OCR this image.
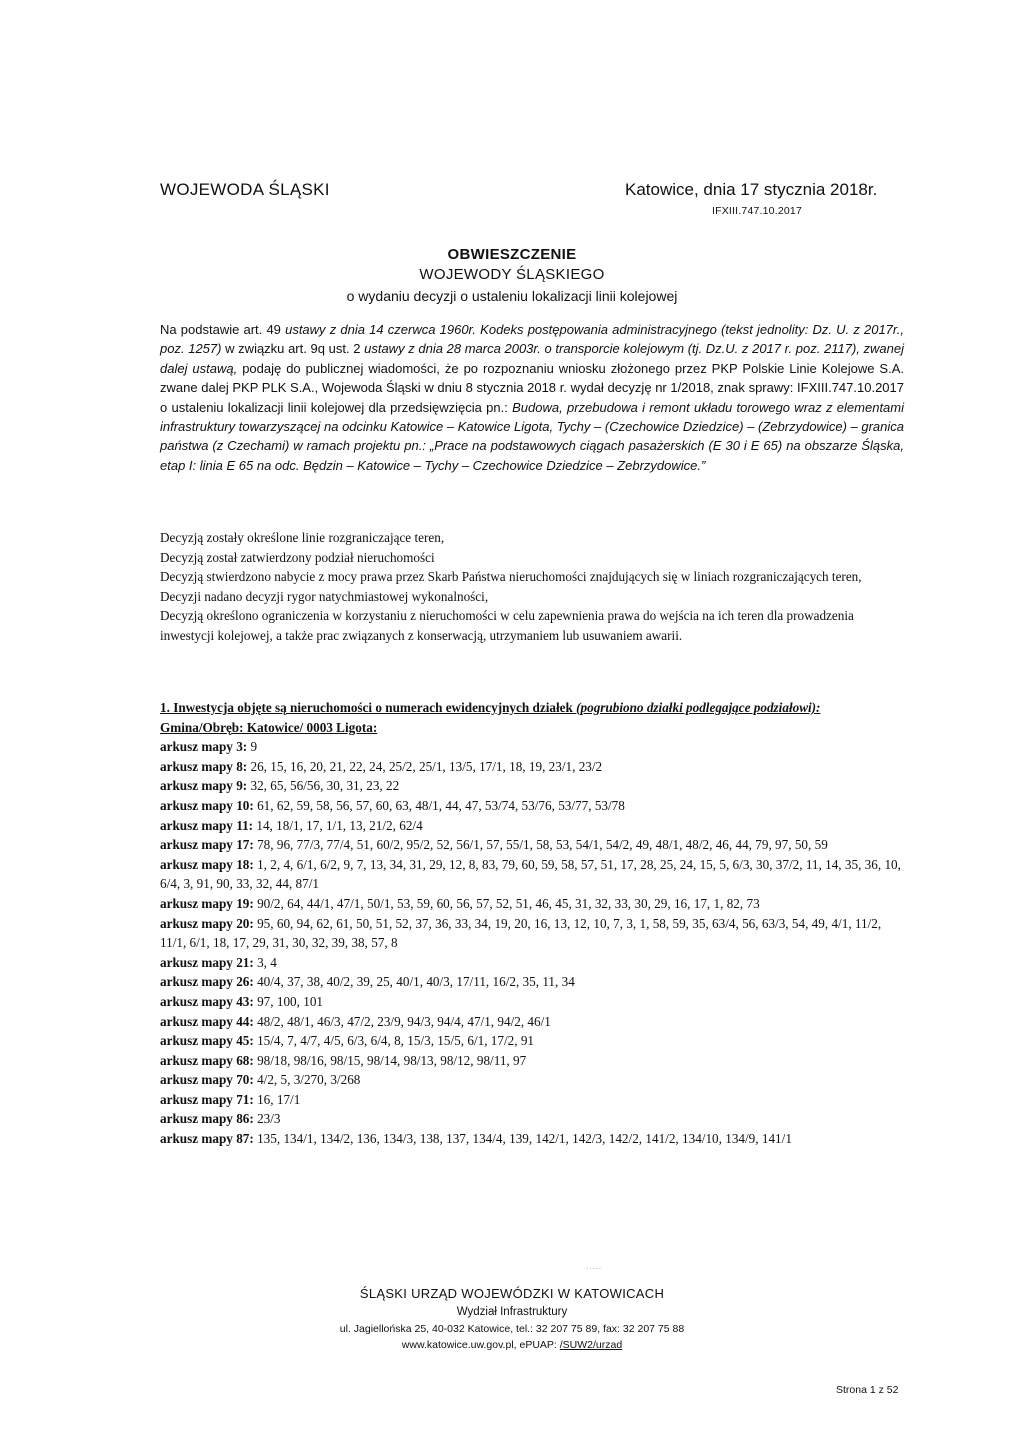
WOJEWODA ŚLĄSKI	Katowice, dnia 17 stycznia 2018r.
IFXIII.747.10.2017
OBWIESZCZENIE
WOJEWODY ŚLĄSKIEGO
o wydaniu decyzji o ustaleniu lokalizacji linii kolejowej
Na podstawie art. 49 ustawy z dnia 14 czerwca 1960r. Kodeks postępowania administracyjnego (tekst jednolity: Dz. U. z 2017r., poz. 1257) w związku art. 9q ust. 2 ustawy z dnia 28 marca 2003r. o transporcie kolejowym (tj. Dz.U. z 2017 r. poz. 2117), zwanej dalej ustawą, podaję do publicznej wiadomości, że po rozpoznaniu wniosku złożonego przez PKP Polskie Linie Kolejowe S.A. zwane dalej PKP PLK S.A., Wojewoda Śląski w dniu 8 stycznia 2018 r. wydał decyzję nr 1/2018, znak sprawy: IFXIII.747.10.2017 o ustaleniu lokalizacji linii kolejowej dla przedsięwzięcia pn.: Budowa, przebudowa i remont układu torowego wraz z elementami infrastruktury towarzyszącej na odcinku Katowice – Katowice Ligota, Tychy – (Czechowice Dziedzice) – (Zebrzydowice) – granica państwa (z Czechami) w ramach projektu pn.: „Prace na podstawowych ciągach pasażerskich (E 30 i E 65) na obszarze Śląska, etap I: linia E 65 na odc. Będzin – Katowice – Tychy – Czechowice Dziedzice – Zebrzydowice.”

Decyzją zostały określone linie rozgraniczające teren,

Decyzją został zatwierdzony podział nieruchomości

Decyzją stwierdzono nabycie z mocy prawa przez Skarb Państwa nieruchomości znajdujących się w liniach rozgraniczających teren,

Decyzji nadano decyzji rygor natychmiastowej wykonalności,

Decyzją określono ograniczenia w korzystaniu z nieruchomości w celu zapewnienia prawa do wejścia na ich teren dla prowadzenia inwestycji kolejowej, a także prac związanych z konserwacją, utrzymaniem lub usuwaniem awarii.

1. Inwestycja objęte są nieruchomości o numerach ewidencyjnych działek (pogrubiono działki podlegające podziałowi):
Gmina/Obręb: Katowice/ 0003 Ligota:

arkusz mapy 3: 9

arkusz mapy 8: 26, 15, 16, 20, 21, 22, 24, 25/2, 25/1, 13/5, 17/1, 18, 19, 23/1, 23/2

arkusz mapy 9: 32, 65, 56/56, 30, 31, 23, 22

arkusz mapy 10: 61, 62, 59, 58, 56, 57, 60, 63, 48/1, 44, 47, 53/74, 53/76, 53/77, 53/78

arkusz mapy 11: 14, 18/1, 17, 1/1, 13, 21/2, 62/4

arkusz mapy 17: 78, 96, 77/3, 77/4, 51, 60/2, 95/2, 52, 56/1, 57, 55/1, 58, 53, 54/1, 54/2, 49, 48/1, 48/2, 46, 44, 79, 97, 50, 59

arkusz mapy 18: 1, 2, 4, 6/1, 6/2, 9, 7, 13, 34, 31, 29, 12, 8, 83, 79, 60, 59, 58, 57, 51, 17, 28, 25, 24, 15, 5, 6/3, 30, 37/2, 11, 14, 35, 36, 10, 6/4, 3, 91, 90, 33, 32, 44, 87/1

arkusz mapy 19: 90/2, 64, 44/1, 47/1, 50/1, 53, 59, 60, 56, 57, 52, 51, 46, 45, 31, 32, 33, 30, 29, 16, 17, 1, 82, 73

arkusz mapy 20: 95, 60, 94, 62, 61, 50, 51, 52, 37, 36, 33, 34, 19, 20, 16, 13, 12, 10, 7, 3, 1, 58, 59, 35, 63/4, 56, 63/3, 54, 49, 4/1, 11/2, 11/1, 6/1, 18, 17, 29, 31, 30, 32, 39, 38, 57, 8

arkusz mapy 21: 3, 4

arkusz mapy 26: 40/4, 37, 38, 40/2, 39, 25, 40/1, 40/3, 17/11, 16/2, 35, 11, 34

arkusz mapy 43: 97, 100, 101

arkusz mapy 44: 48/2, 48/1, 46/3, 47/2, 23/9, 94/3, 94/4, 47/1, 94/2, 46/1

arkusz mapy 45: 15/4, 7, 4/7, 4/5, 6/3, 6/4, 8, 15/3, 15/5, 6/1, 17/2, 91

arkusz mapy 68: 98/18, 98/16, 98/15, 98/14, 98/13, 98/12, 98/11, 97

arkusz mapy 70: 4/2, 5, 3/270, 3/268

arkusz mapy 71: 16, 17/1

arkusz mapy 86: 23/3

arkusz mapy 87: 135, 134/1, 134/2, 136, 134/3, 138, 137, 134/4, 139, 142/1, 142/3, 142/2, 141/2, 134/10, 134/9, 141/1

.....
ŚLĄSKI URZĄD WOJEWÓDZKI W KATOWICACH
Wydział Infrastruktury
ul. Jagiellońska 25, 40-032 Katowice, tel.: 32 207 75 89, fax: 32 207 75 88
www.katowice.uw.gov.pl, ePUAP: /SUW2/urzad
Strona 1 z 52
